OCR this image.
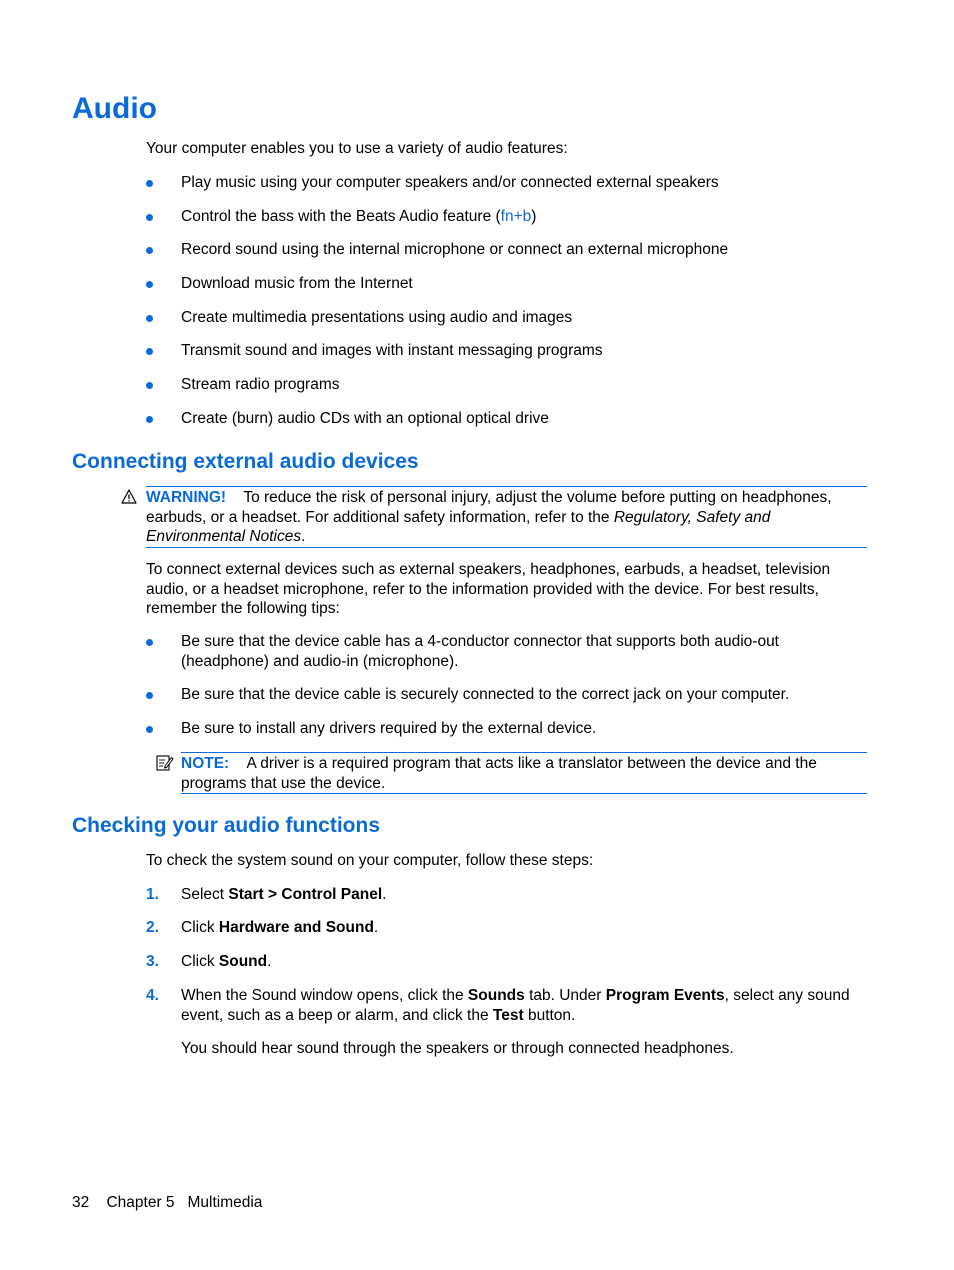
Audio

Your computer enables you to use a variety of audio features:

Play music using your computer speakers and/or connected external speakers
Control the bass with the Beats Audio feature (fn+b)
Record sound using the internal microphone or connect an external microphone
Download music from the Internet
Create multimedia presentations using audio and images
Transmit sound and images with instant messaging programs
Stream radio programs
Create (burn) audio CDs with an optional optical drive
Connecting external audio devices
WARNING! To reduce the risk of personal injury, adjust the volume before putting on headphones, earbuds, or a headset. For additional safety information, refer to the Regulatory, Safety and Environmental Notices.

To connect external devices such as external speakers, headphones, earbuds, a headset, television audio, or a headset microphone, refer to the information provided with the device. For best results, remember the following tips:

Be sure that the device cable has a 4-conductor connector that supports both audio-out (headphone) and audio-in (microphone).
Be sure that the device cable is securely connected to the correct jack on your computer.
Be sure to install any drivers required by the external device.
NOTE: A driver is a required program that acts like a translator between the device and the programs that use the device.
Checking your audio functions

To check the system sound on your computer, follow these steps:

1. Select Start > Control Panel.
2. Click Hardware and Sound.
3. Click Sound.
4. When the Sound window opens, click the Sounds tab. Under Program Events, select any sound event, such as a beep or alarm, and click the Test button.

You should hear sound through the speakers or through connected headphones.

32 Chapter 5 Multimedia
